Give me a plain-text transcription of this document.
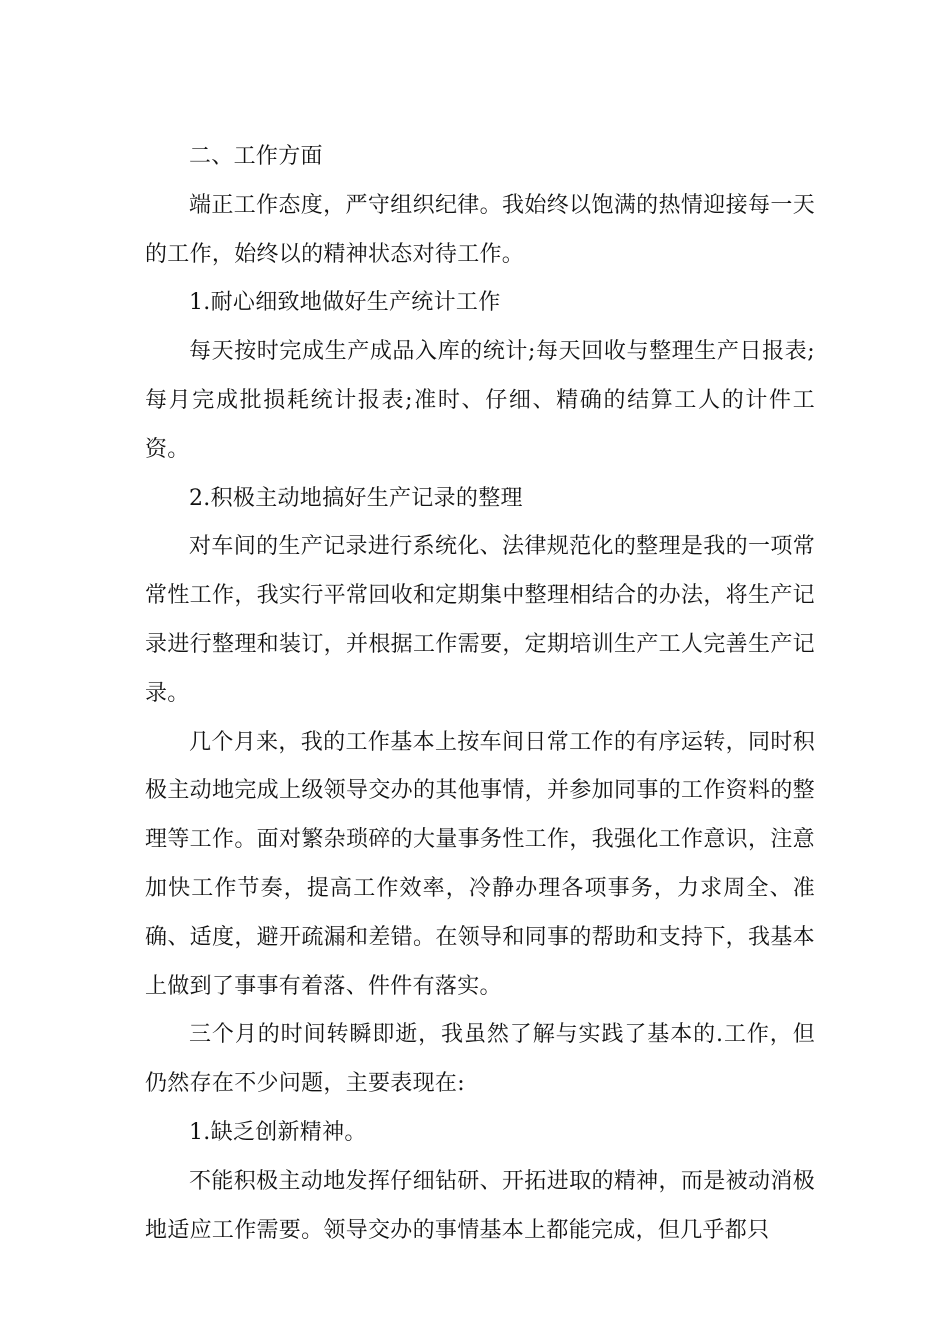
二、工作方面

端正工作态度，严守组织纪律。我始终以饱满的热情迎接每一天的工作，始终以的精神状态对待工作。

1.耐心细致地做好生产统计工作

每天按时完成生产成品入库的统计;每天回收与整理生产日报表;每月完成批损耗统计报表;准时、仔细、精确的结算工人的计件工资。

2.积极主动地搞好生产记录的整理

对车间的生产记录进行系统化、法律规范化的整理是我的一项常常性工作，我实行平常回收和定期集中整理相结合的办法，将生产记录进行整理和装订，并根据工作需要，定期培训生产工人完善生产记录。

几个月来，我的工作基本上按车间日常工作的有序运转，同时积极主动地完成上级领导交办的其他事情，并参加同事的工作资料的整理等工作。面对繁杂琐碎的大量事务性工作，我强化工作意识，注意加快工作节奏，提高工作效率，冷静办理各项事务，力求周全、准确、适度，避开疏漏和差错。在领导和同事的帮助和支持下，我基本上做到了事事有着落、件件有落实。

三个月的时间转瞬即逝，我虽然了解与实践了基本的.工作，但仍然存在不少问题，主要表现在:

1.缺乏创新精神。

不能积极主动地发挥仔细钻研、开拓进取的精神，而是被动消极地适应工作需要。领导交办的事情基本上都能完成，但几乎都只
